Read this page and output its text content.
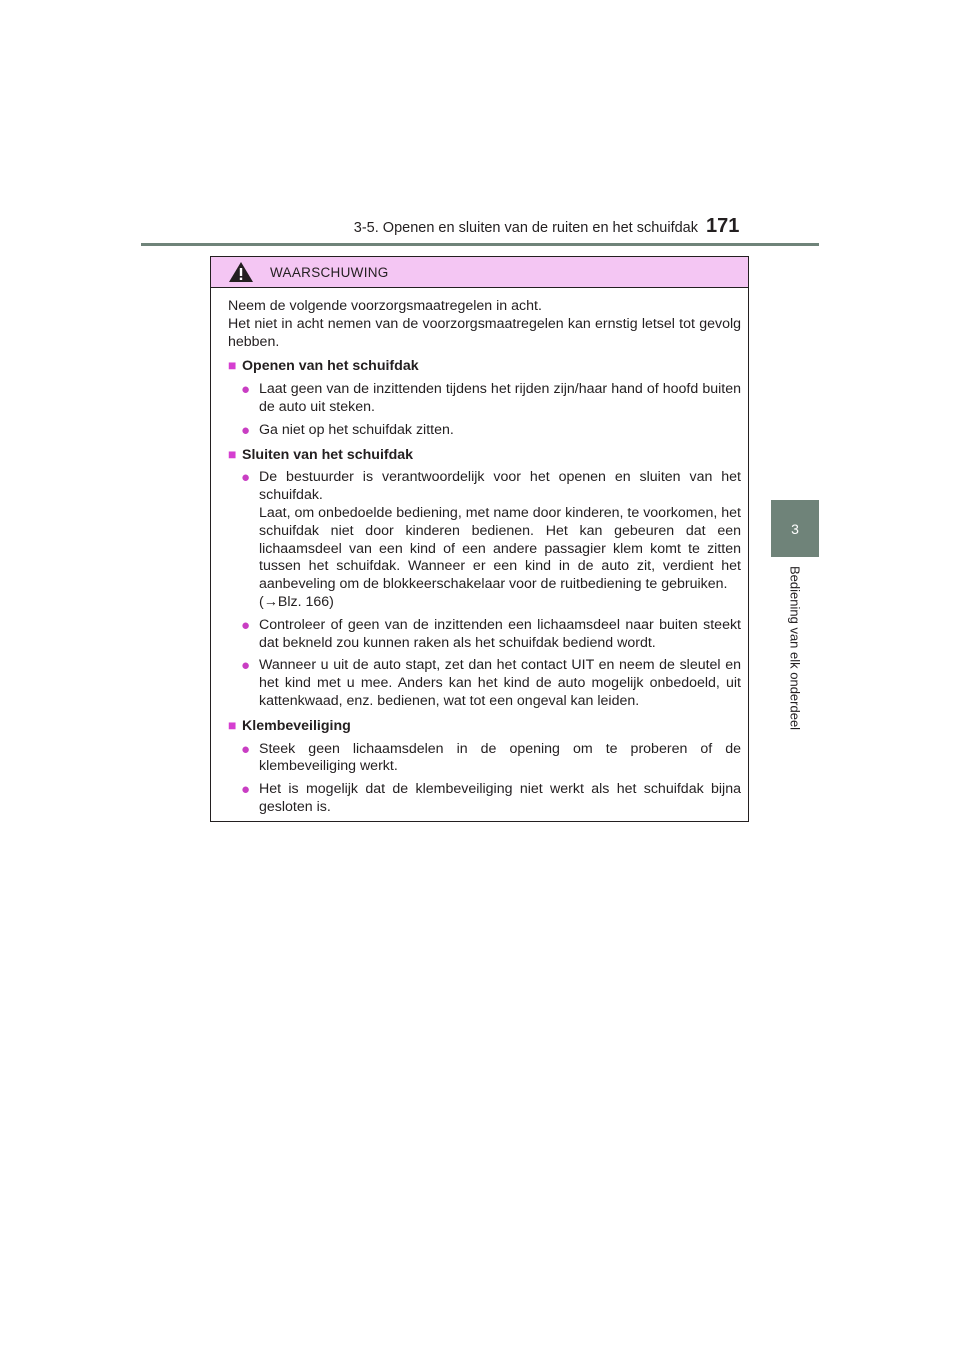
3-5. Openen en sluiten van de ruiten en het schuifdak 171
3
Bediening van elk onderdeel
WAARSCHUWING

Neem de volgende voorzorgsmaatregelen in acht.

Het niet in acht nemen van de voorzorgsmaatregelen kan ernstig letsel tot gevolg hebben.

■ Openen van het schuifdak
● Laat geen van de inzittenden tijdens het rijden zijn/haar hand of hoofd buiten de auto uit steken.
● Ga niet op het schuifdak zitten.
■ Sluiten van het schuifdak
● De bestuurder is verantwoordelijk voor het openen en sluiten van het schuifdak.
Laat, om onbedoelde bediening, met name door kinderen, te voorkomen, het schuifdak niet door kinderen bedienen. Het kan gebeuren dat een lichaamsdeel van een kind of een andere passagier klem komt te zitten tussen het schuifdak. Wanneer er een kind in de auto zit, verdient het aanbeveling om de blokkeerschakelaar voor de ruitbediening te gebruiken.
(→Blz. 166)
● Controleer of geen van de inzittenden een lichaamsdeel naar buiten steekt dat bekneld zou kunnen raken als het schuifdak bediend wordt.
● Wanneer u uit de auto stapt, zet dan het contact UIT en neem de sleutel en het kind met u mee. Anders kan het kind de auto mogelijk onbedoeld, uit kattenkwaad, enz. bedienen, wat tot een ongeval kan leiden.
■ Klembeveiliging
● Steek geen lichaamsdelen in de opening om te proberen of de klembeveiliging werkt.
● Het is mogelijk dat de klembeveiliging niet werkt als het schuifdak bijna gesloten is.
